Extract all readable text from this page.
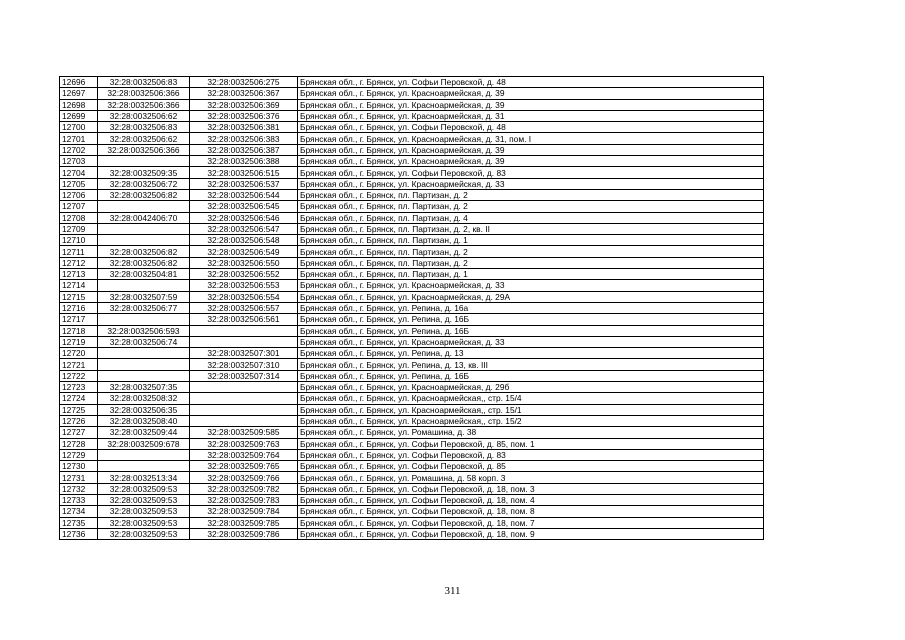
12696	32:28:0032506:83	32:28:0032506:275	Брянская обл., г. Брянск, ул. Софьи Перовской, д. 48
12697	32:28:0032506:366	32:28:0032506:367	Брянская обл., г. Брянск, ул. Красноармейская, д. 39
12698	32:28:0032506:366	32:28:0032506:369	Брянская обл., г. Брянск, ул. Красноармейская, д. 39
12699	32:28:0032506:62	32:28:0032506:376	Брянская обл., г. Брянск, ул. Красноармейская, д. 31
12700	32:28:0032506:83	32:28:0032506:381	Брянская обл., г. Брянск, ул. Софьи Перовской, д. 48
12701	32:28:0032506:62	32:28:0032506:383	Брянская обл., г. Брянск, ул. Красноармейская, д. 31, пом. I
12702	32:28:0032506:366	32:28:0032506:387	Брянская обл., г. Брянск, ул. Красноармейская, д. 39
12703		32:28:0032506:388	Брянская обл., г. Брянск, ул. Красноармейская, д. 39
12704	32:28:0032509:35	32:28:0032506:515	Брянская обл., г. Брянск, ул. Софьи Перовской, д. 83
12705	32:28:0032506:72	32:28:0032506:537	Брянская обл., г. Брянск, ул. Красноармейская, д. 33
12706	32:28:0032506:82	32:28:0032506:544	Брянская обл., г. Брянск, пл. Партизан, д. 2
12707		32:28:0032506:545	Брянская обл., г. Брянск, пл. Партизан, д. 2
12708	32:28:0042406:70	32:28:0032506:546	Брянская обл., г. Брянск, пл. Партизан, д. 4
12709		32:28:0032506:547	Брянская обл., г. Брянск, пл. Партизан, д. 2, кв. II
12710		32:28:0032506:548	Брянская обл., г. Брянск, пл. Партизан, д. 1
12711	32:28:0032506:82	32:28:0032506:549	Брянская обл., г. Брянск, пл. Партизан, д. 2
12712	32:28:0032506:82	32:28:0032506:550	Брянская обл., г. Брянск, пл. Партизан, д. 2
12713	32:28:0032504:81	32:28:0032506:552	Брянская обл., г. Брянск, пл. Партизан, д. 1
12714		32:28:0032506:553	Брянская обл., г. Брянск, ул. Красноармейская, д. 33
12715	32:28:0032507:59	32:28:0032506:554	Брянская обл., г. Брянск, ул. Красноармейская, д. 29А
12716	32:28:0032506:77	32:28:0032506:557	Брянская обл., г. Брянск, ул. Репина, д. 16а
12717		32:28:0032506:561	Брянская обл., г. Брянск, ул. Репина, д. 16Б
12718	32:28:0032506:593		Брянская обл., г. Брянск, ул. Репина, д. 16Б
12719	32:28:0032506:74		Брянская обл., г. Брянск, ул. Красноармейская, д. 33
12720		32:28:0032507:301	Брянская обл., г. Брянск, ул. Репина, д. 13
12721		32:28:0032507:310	Брянская обл., г. Брянск, ул. Репина, д. 13, кв. III
12722		32:28:0032507:314	Брянская обл., г. Брянск, ул. Репина, д. 16Б
12723	32:28:0032507:35		Брянская обл., г. Брянск, ул. Красноармейская, д. 29б
12724	32:28:0032508:32		Брянская обл., г. Брянск, ул. Красноармейская,, стр. 15/4
12725	32:28:0032506:35		Брянская обл., г. Брянск, ул. Красноармейская,, стр. 15/1
12726	32:28:0032508:40		Брянская обл., г. Брянск, ул. Красноармейская,, стр. 15/2
12727	32:28:0032509:44	32:28:0032509:585	Брянская обл., г. Брянск, ул. Ромашина, д. 38
12728	32:28:0032509:678	32:28:0032509:763	Брянская обл., г. Брянск, ул. Софьи Перовской, д. 85, пом. 1
12729		32:28:0032509:764	Брянская обл., г. Брянск, ул. Софьи Перовской, д. 83
12730		32:28:0032509:765	Брянская обл., г. Брянск, ул. Софьи Перовской, д. 85
12731	32:28:0032513:34	32:28:0032509:766	Брянская обл., г. Брянск, ул. Ромашина, д. 58 корп. 3
12732	32:28:0032509:53	32:28:0032509:782	Брянская обл., г. Брянск, ул. Софьи Перовской, д. 18, пом. 3
12733	32:28:0032509:53	32:28:0032509:783	Брянская обл., г. Брянск, ул. Софьи Перовской, д. 18, пом. 4
12734	32:28:0032509:53	32:28:0032509:784	Брянская обл., г. Брянск, ул. Софьи Перовской, д. 18, пом. 8
12735	32:28:0032509:53	32:28:0032509:785	Брянская обл., г. Брянск, ул. Софьи Перовской, д. 18, пом. 7
12736	32:28:0032509:53	32:28:0032509:786	Брянская обл., г. Брянск, ул. Софьи Перовской, д. 18, пом. 9
311
